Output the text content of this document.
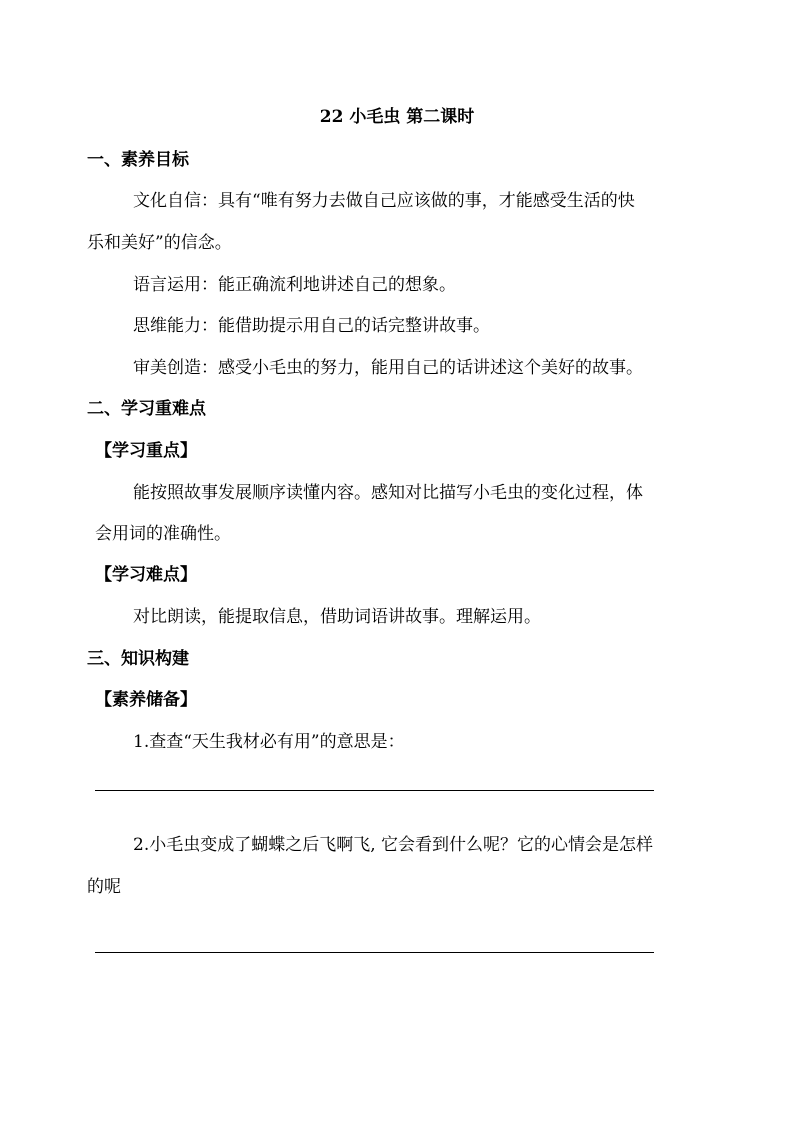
22 小毛虫 第二课时
一、素养目标
文化自信：具有“唯有努力去做自己应该做的事，才能感受生活的快
乐和美好”的信念。
语言运用：能正确流利地讲述自己的想象。
思维能力：能借助提示用自己的话完整讲故事。
审美创造：感受小毛虫的努力，能用自己的话讲述这个美好的故事。
二、学习重难点
【学习重点】
能按照故事发展顺序读懂内容。感知对比描写小毛虫的变化过程，体
会用词的准确性。
【学习难点】
对比朗读，能提取信息，借助词语讲故事。理解运用。
三、知识构建
【素养储备】
1.查查“天生我材必有用”的意思是：
2.小毛虫变成了蝴蝶之后飞啊飞, 它会看到什么呢？它的心情会是怎样
的呢
